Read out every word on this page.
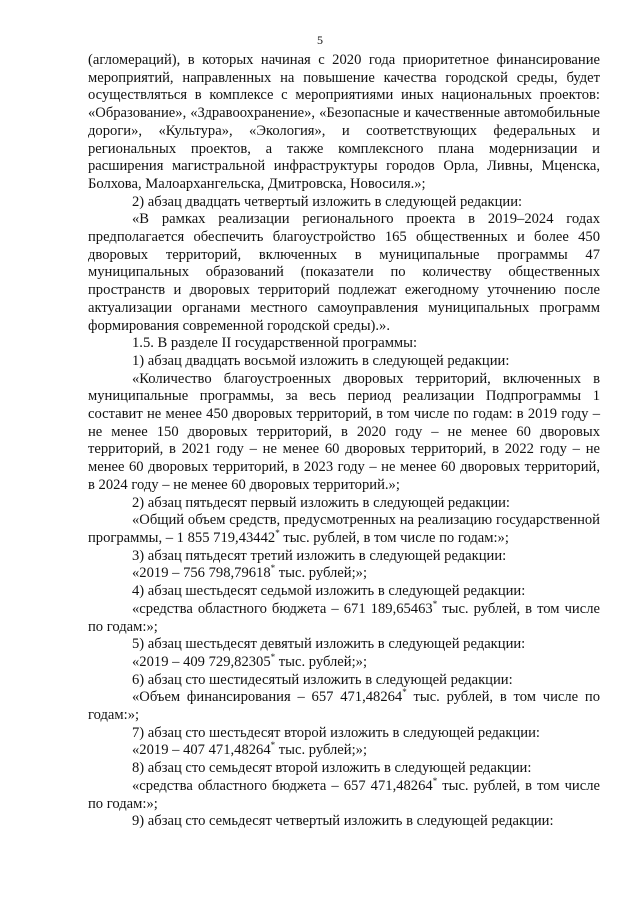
5

(агломераций), в которых начиная с 2020 года приоритетное финансирование мероприятий, направленных на повышение качества городской среды, будет осуществляться в комплексе с мероприятиями иных национальных проектов: «Образование», «Здравоохранение», «Безопасные и качественные автомобильные дороги», «Культура», «Экология», и соответствующих федеральных и региональных проектов, а также комплексного плана модернизации и расширения магистральной инфраструктуры городов Орла, Ливны, Мценска, Болхова, Малоархангельска, Дмитровска, Новосиля.»;

2) абзац двадцать четвертый изложить в следующей редакции:

«В рамках реализации регионального проекта в 2019–2024 годах предполагается обеспечить благоустройство 165 общественных и более 450 дворовых территорий, включенных в муниципальные программы 47 муниципальных образований (показатели по количеству общественных пространств и дворовых территорий подлежат ежегодному уточнению после актуализации органами местного самоуправления муниципальных программ формирования современной городской среды).».

1.5. В разделе II государственной программы:

1) абзац двадцать восьмой изложить в следующей редакции:

«Количество благоустроенных дворовых территорий, включенных в муниципальные программы, за весь период реализации Подпрограммы 1 составит не менее 450 дворовых территорий, в том числе по годам: в 2019 году – не менее 150 дворовых территорий, в 2020 году – не менее 60 дворовых территорий, в 2021 году – не менее 60 дворовых территорий, в 2022 году – не менее 60 дворовых территорий, в 2023 году – не менее 60 дворовых территорий, в 2024 году – не менее 60 дворовых территорий.»;

2) абзац пятьдесят первый изложить в следующей редакции:

«Общий объем средств, предусмотренных на реализацию государственной программы, – 1 855 719,43442* тыс. рублей, в том числе по годам:»;

3) абзац пятьдесят третий изложить в следующей редакции:

«2019 – 756 798,79618* тыс. рублей;»;

4) абзац шестьдесят седьмой изложить в следующей редакции:

«средства областного бюджета – 671 189,65463* тыс. рублей, в том числе по годам:»;

5) абзац шестьдесят девятый изложить в следующей редакции:

«2019 – 409 729,82305* тыс. рублей;»;

6) абзац сто шестидесятый изложить в следующей редакции:

«Объем финансирования – 657 471,48264* тыс. рублей, в том числе по годам:»;

7) абзац сто шестьдесят второй изложить в следующей редакции:

«2019 – 407 471,48264* тыс. рублей;»;

8) абзац сто семьдесят второй изложить в следующей редакции:

«средства областного бюджета – 657 471,48264* тыс. рублей, в том числе по годам:»;

9) абзац сто семьдесят четвертый изложить в следующей редакции:
